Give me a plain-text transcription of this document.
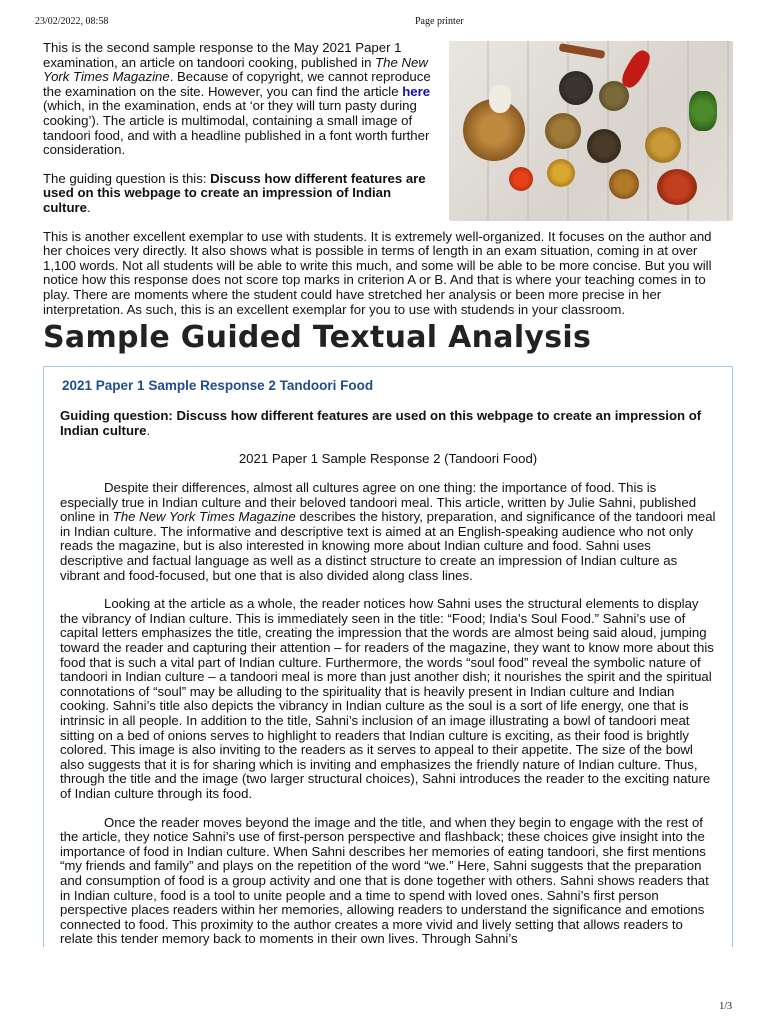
23/02/2022, 08:58	Page printer
This is the second sample response to the May 2021 Paper 1 examination, an article on tandoori cooking, published in The New York Times Magazine. Because of copyright, we cannot reproduce the examination on the site. However, you can find the article here (which, in the examination, ends at ‘or they will turn pasty during cooking’). The article is multimodal, containing a small image of tandoori food, and with a headline published in a font worth further consideration.
The guiding question is this: Discuss how different features are used on this webpage to create an impression of Indian culture.
This is another excellent exemplar to use with students. It is extremely well-organized. It focuses on the author and her choices very directly. It also shows what is possible in terms of length in an exam situation, coming in at over 1,100 words. Not all students will be able to write this much, and some will be able to be more concise. But you will notice how this response does not score top marks in criterion A or B. And that is where your teaching comes in to play. There are moments where the student could have stretched her analysis or been more precise in her interpretation. As such, this is an excellent exemplar for you to use with studends in your classroom.
Sample Guided Textual Analysis
2021 Paper 1 Sample Response 2 Tandoori Food
Guiding question: Discuss how different features are used on this webpage to create an impression of Indian culture.
2021 Paper 1 Sample Response 2 (Tandoori Food)
Despite their differences, almost all cultures agree on one thing: the importance of food. This is especially true in Indian culture and their beloved tandoori meal. This article, written by Julie Sahni, published online in The New York Times Magazine describes the history, preparation, and significance of the tandoori meal in Indian culture. The informative and descriptive text is aimed at an English-speaking audience who not only reads the magazine, but is also interested in knowing more about Indian culture and food. Sahni uses descriptive and factual language as well as a distinct structure to create an impression of Indian culture as vibrant and food-focused, but one that is also divided along class lines.
Looking at the article as a whole, the reader notices how Sahni uses the structural elements to display the vibrancy of Indian culture. This is immediately seen in the title: “Food; India’s Soul Food.” Sahni’s use of capital letters emphasizes the title, creating the impression that the words are almost being said aloud, jumping toward the reader and capturing their attention – for readers of the magazine, they want to know more about this food that is such a vital part of Indian culture. Furthermore, the words “soul food” reveal the symbolic nature of tandoori in Indian culture – a tandoori meal is more than just another dish; it nourishes the spirit and the spiritual connotations of “soul” may be alluding to the spirituality that is heavily present in Indian culture and Indian cooking. Sahni’s title also depicts the vibrancy in Indian culture as the soul is a sort of life energy, one that is intrinsic in all people. In addition to the title, Sahni’s inclusion of an image illustrating a bowl of tandoori meat sitting on a bed of onions serves to highlight to readers that Indian culture is exciting, as their food is brightly colored. This image is also inviting to the readers as it serves to appeal to their appetite. The size of the bowl also suggests that it is for sharing which is inviting and emphasizes the friendly nature of Indian culture. Thus, through the title and the image (two larger structural choices), Sahni introduces the reader to the exciting nature of Indian culture through its food.
Once the reader moves beyond the image and the title, and when they begin to engage with the rest of the article, they notice Sahni’s use of first-person perspective and flashback; these choices give insight into the importance of food in Indian culture. When Sahni describes her memories of eating tandoori, she first mentions “my friends and family” and plays on the repetition of the word “we.” Here, Sahni suggests that the preparation and consumption of food is a group activity and one that is done together with others. Sahni shows readers that in Indian culture, food is a tool to unite people and a time to spend with loved ones. Sahni’s first person perspective places readers within her memories, allowing readers to understand the significance and emotions connected to food. This proximity to the author creates a more vivid and lively setting that allows readers to relate this tender memory back to moments in their own lives. Through Sahni’s
1/3
